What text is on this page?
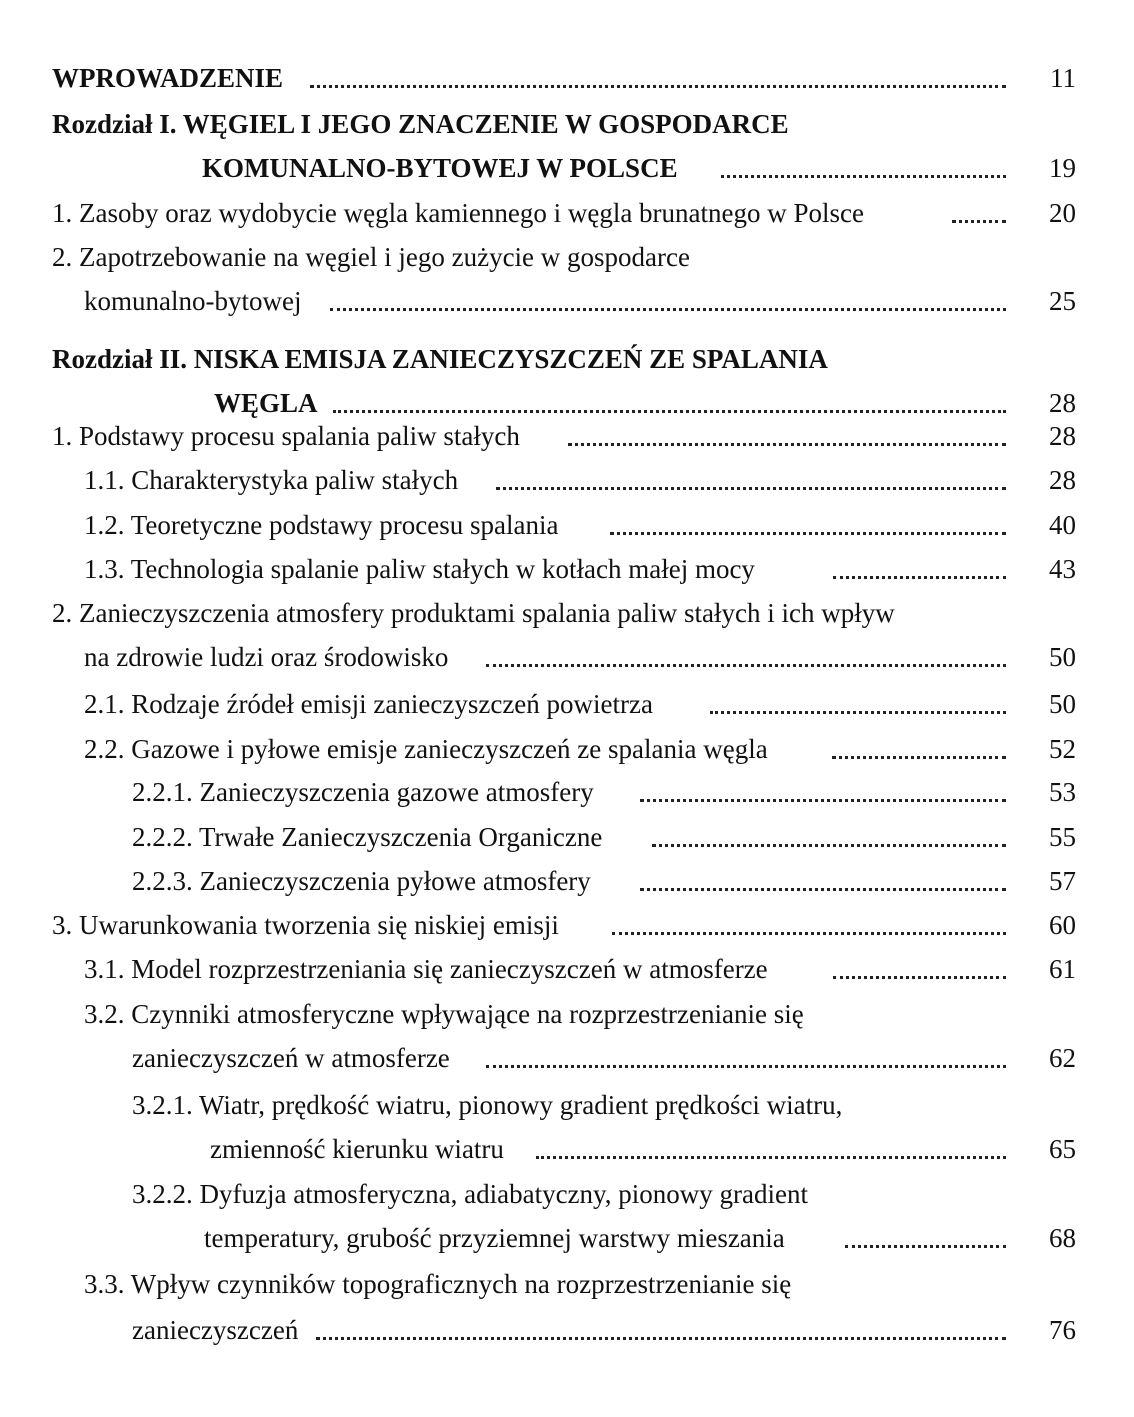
WPROWADZENIE	11
Rozdział I. WĘGIEL I JEGO ZNACZENIE W GOSPODARCE
KOMUNALNO-BYTOWEJ W POLSCE	19
1. Zasoby oraz wydobycie węgla kamiennego i węgla brunatnego w Polsce	20
2. Zapotrzebowanie na węgiel i jego zużycie w gospodarce
komunalno-bytowej	25
Rozdział II. NISKA EMISJA ZANIECZYSZCZEŃ ZE SPALANIA
WĘGLA	28
1. Podstawy procesu spalania paliw stałych	28
1.1. Charakterystyka paliw stałych	28
1.2. Teoretyczne podstawy procesu spalania	40
1.3. Technologia spalanie paliw stałych w kotłach małej mocy	43
2. Zanieczyszczenia atmosfery produktami spalania paliw stałych i ich wpływ
na zdrowie ludzi oraz środowisko	50
2.1. Rodzaje źródeł emisji zanieczyszczeń powietrza	50
2.2. Gazowe i pyłowe emisje zanieczyszczeń ze spalania węgla	52
2.2.1. Zanieczyszczenia gazowe atmosfery	53
2.2.2. Trwałe Zanieczyszczenia Organiczne	55
2.2.3. Zanieczyszczenia pyłowe atmosfery	57
3. Uwarunkowania tworzenia się niskiej emisji	60
3.1. Model rozprzestrzeniania się zanieczyszczeń w atmosferze	61
3.2. Czynniki atmosferyczne wpływające na rozprzestrzenianie się
zanieczyszczeń w atmosferze	62
3.2.1. Wiatr, prędkość wiatru, pionowy gradient prędkości wiatru,
zmienność kierunku wiatru	65
3.2.2. Dyfuzja atmosferyczna, adiabatyczny, pionowy gradient
temperatury, grubość przyziemnej warstwy mieszania	68
3.3. Wpływ czynników topograficznych na rozprzestrzenianie się
zanieczyszczeń	76
